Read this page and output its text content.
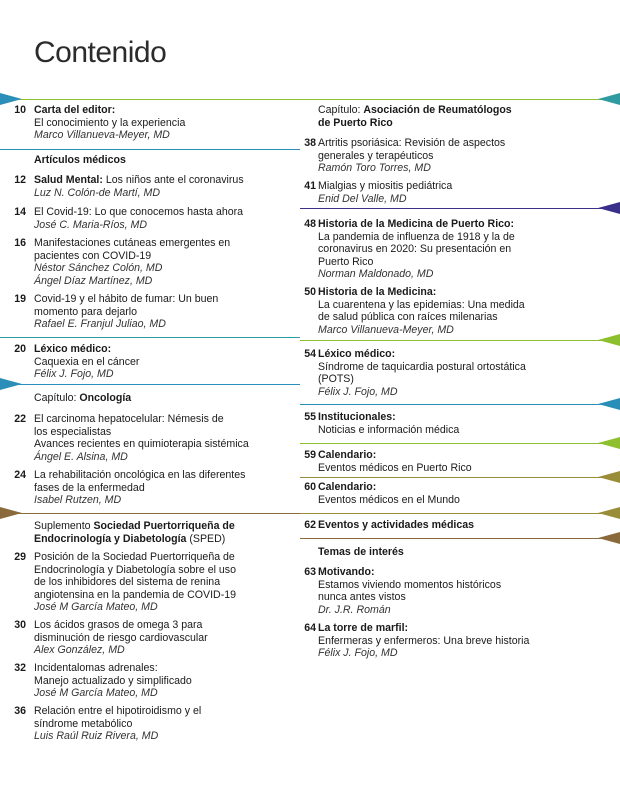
Contenido
10 Carta del editor:
El conocimiento y la experiencia
Marco Villanueva-Meyer, MD
Artículos médicos
12 Salud Mental: Los niños ante el coronavirus
Luz N. Colón-de Martí, MD
14 El Covid-19: Lo que conocemos hasta ahora
José C. Maria-Ríos, MD
16 Manifestaciones cutáneas emergentes en
pacientes con COVID-19
Néstor Sánchez Colón, MD
Ángel Díaz Martínez, MD
19 Covid-19 y el hábito de fumar: Un buen
momento para dejarlo
Rafael E. Franjul Juliao, MD
20 Léxico médico:
Caquexia en el cáncer
Félix J. Fojo, MD
Capítulo: Oncología
22 El carcinoma hepatocelular: Némesis de
los especialistas
Avances recientes en quimioterapia sistémica
Ángel E. Alsina, MD
24 La rehabilitación oncológica en las diferentes
fases de la enfermedad
Isabel Rutzen, MD
Suplemento Sociedad Puertorriqueña de
Endocrinología y Diabetología (SPED)
29 Posición de la Sociedad Puertorriqueña de
Endocrinología y Diabetología sobre el uso
de los inhibidores del sistema de renina
angiotensina en la pandemia de COVID-19
José M García Mateo, MD
30 Los ácidos grasos de omega 3 para
disminución de riesgo cardiovascular
Alex González, MD
32 Incidentalomas adrenales:
Manejo actualizado y simplificado
José M García Mateo, MD
36 Relación entre el hipotiroidismo y el
síndrome metabólico
Luis Raúl Ruiz Rivera, MD
Capítulo: Asociación de Reumatólogos
de Puerto Rico
38 Artritis psoriásica: Revisión de aspectos
generales y terapéuticos
Ramón Toro Torres, MD
41 Mialgias y miositis pediátrica
Enid Del Valle, MD
48 Historia de la Medicina de Puerto Rico:
La pandemia de influenza de 1918 y la de
coronavirus en 2020: Su presentación en
Puerto Rico
Norman Maldonado, MD
50 Historia de la Medicina:
La cuarentena y las epidemias: Una medida
de salud pública con raíces milenarias
Marco Villanueva-Meyer, MD
54 Léxico médico:
Síndrome de taquicardia postural ortostática
(POTS)
Félix J. Fojo, MD
55 Institucionales:
Noticias e información médica
59 Calendario:
Eventos médicos en Puerto Rico
60 Calendario:
Eventos médicos en el Mundo
62 Eventos y actividades médicas
Temas de interés
63 Motivando:
Estamos viviendo momentos históricos
nunca antes vistos
Dr. J.R. Román
64 La torre de marfil:
Enfermeras y enfermeros: Una breve historia
Félix J. Fojo, MD
